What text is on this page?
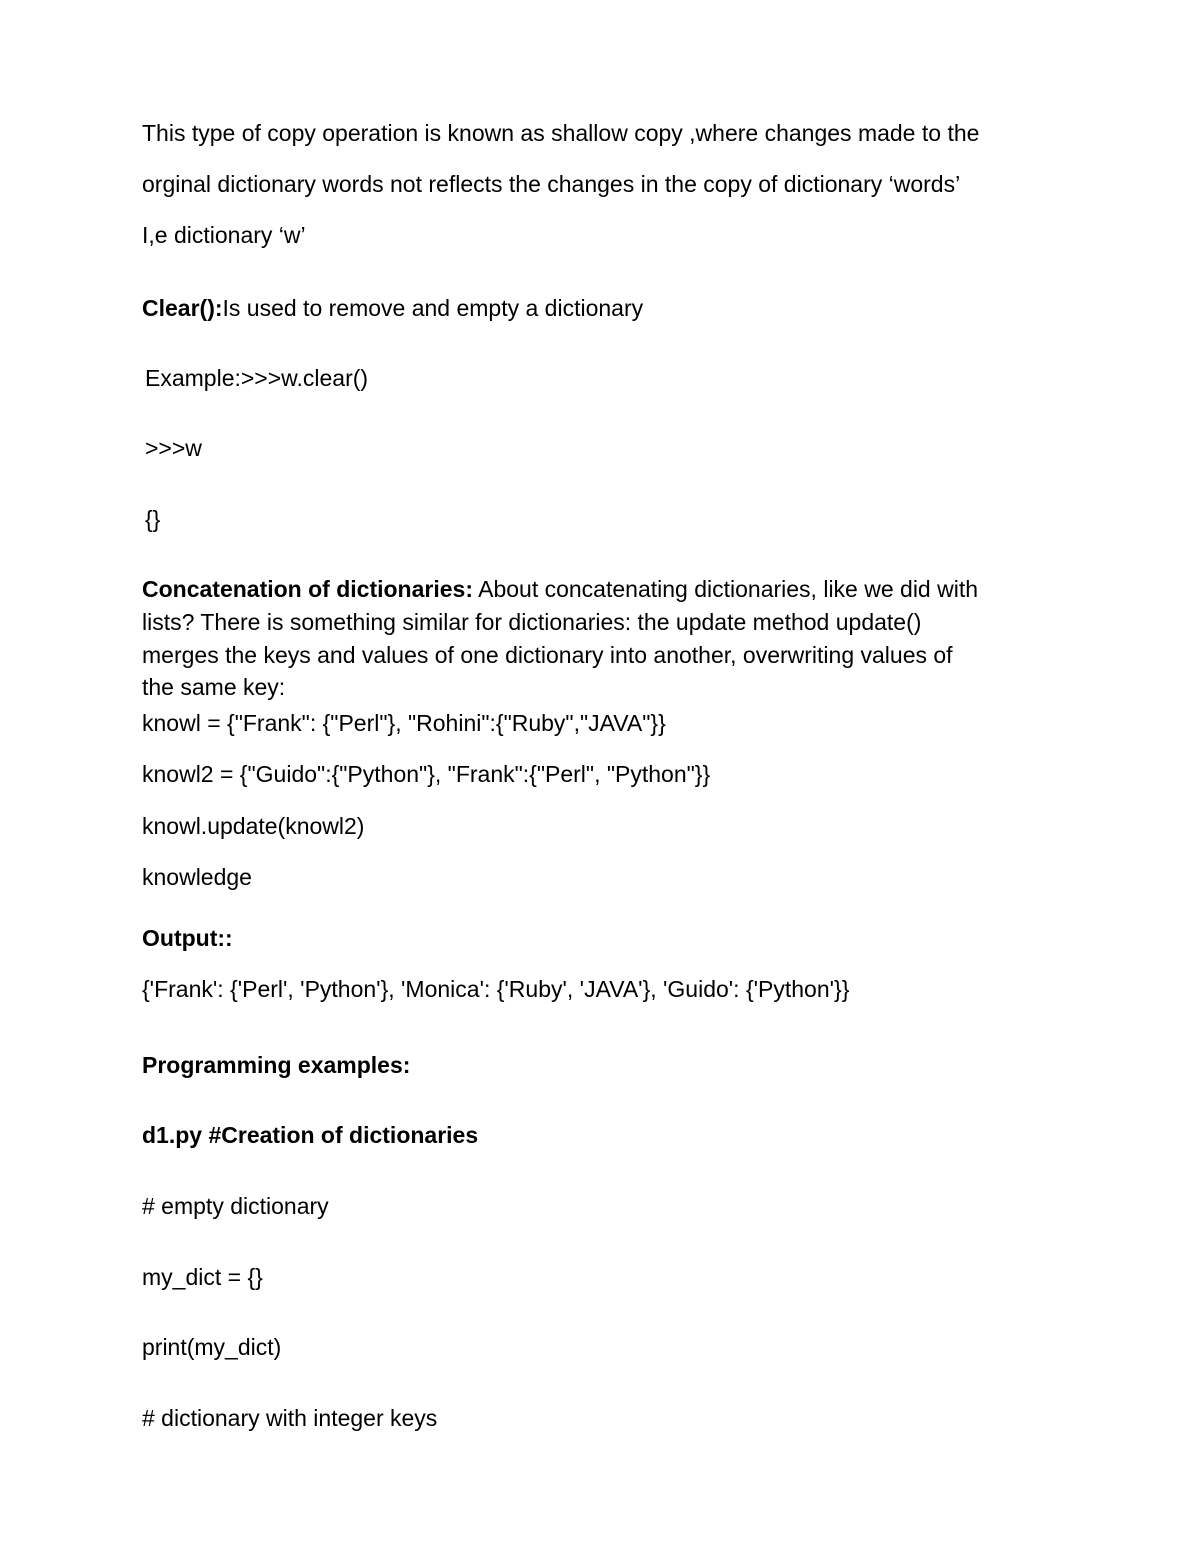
This type of copy operation is known as shallow copy ,where changes made to the
orginal dictionary words not reflects the changes in the copy of dictionary ‘words’
I,e dictionary ‘w’
Clear():Is used to remove and empty a dictionary
Example:>>>w.clear()
>>>w
{}
Concatenation of dictionaries: About concatenating dictionaries, like we did with
lists? There is something similar for dictionaries: the update method update()
merges the keys and values of one dictionary into another, overwriting values of
the same key:
knowl = {"Frank": {"Perl"}, "Rohini":{"Ruby","JAVA"}}
knowl2 = {"Guido":{"Python"}, "Frank":{"Perl", "Python"}}
knowl.update(knowl2)
knowledge
Output::
{'Frank': {'Perl', 'Python'}, 'Monica': {'Ruby', 'JAVA'}, 'Guido': {'Python'}}
Programming examples:
d1.py #Creation of dictionaries
# empty dictionary
my_dict = {}
print(my_dict)
# dictionary with integer keys
